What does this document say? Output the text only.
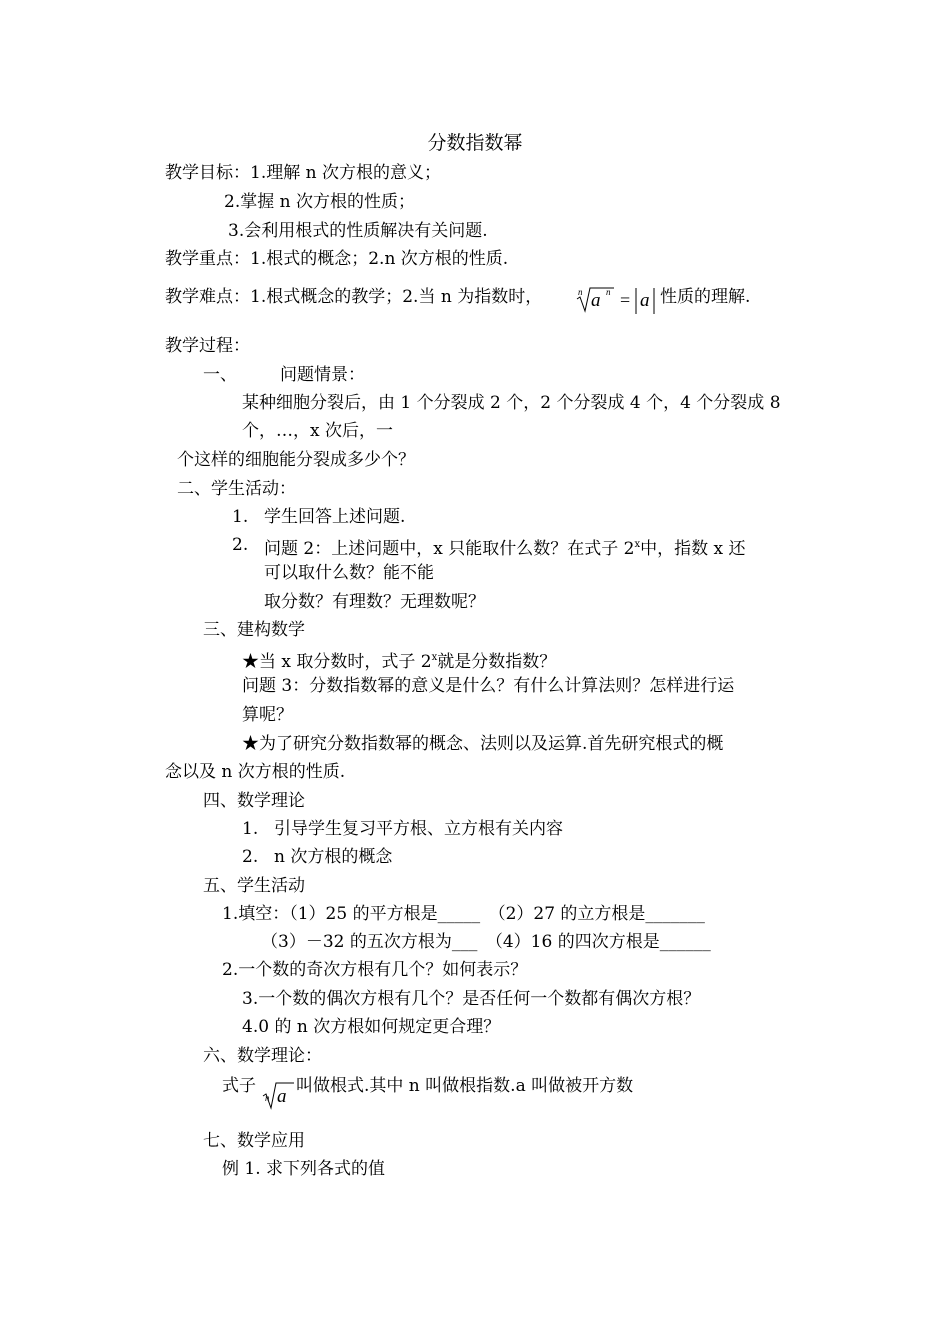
分数指数幂
教学目标：1.理解 n 次方根的意义；
2.掌握 n 次方根的性质；
3.会利用根式的性质解决有关问题.
教学重点：1.根式的概念；2.n 次方根的性质.
教学难点：1.根式概念的教学；2.当 n 为指数时，	n a n = a 性质的理解.
教学过程：
一、	问题情景：
某种细胞分裂后，由 1 个分裂成 2 个，2 个分裂成 4 个，4 个分裂成 8
个，…，x 次后，一
个这样的细胞能分裂成多少个？
二、学生活动：
1. 学生回答上述问题.
2. 问题 2：上述问题中，x 只能取什么数？在式子 2$^x$中，指数 x 还
可以取什么数？能不能
取分数？有理数？无理数呢？
三、建构数学
★当 x 取分数时，式子 2$^x$就是分数指数？
问题 3：分数指数幂的意义是什么？有什么计算法则？怎样进行运
算呢？
★为了研究分数指数幂的概念、法则以及运算.首先研究根式的概
念以及 n 次方根的性质.
四、数学理论
1. 引导学生复习平方根、立方根有关内容
2. n 次方根的概念
五、学生活动
1.填空：（1）25 的平方根是_____　（2）27 的立方根是_______
（3）－32 的五次方根为___　（4）16 的四次方根是______
2.一个数的奇次方根有几个？如何表示？
3.一个数的偶次方根有几个？是否任何一个数都有偶次方根？
4.0 的 n 次方根如何规定更合理？
六、数学理论：
式子
n a 叫做根式.其中 n 叫做根指数.a 叫做被开方数
七、数学应用
例 1. 求下列各式的值
